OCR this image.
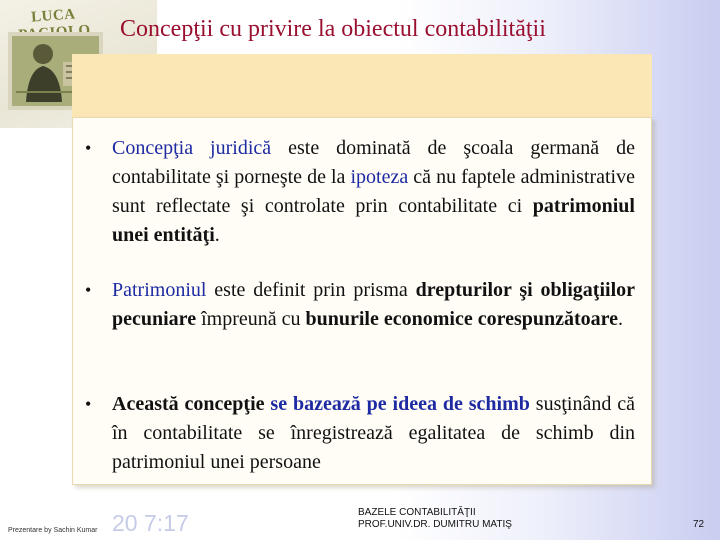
LUCA	Concepţii cu privire la obiectul contabilităţii
•	Concepţia juridică este dominată de şcoala germană de contabilitate şi porneşte de la ipoteza că nu faptele administrative sunt reflectate şi controlate prin contabilitate ci patrimoniul unei entităţi.
•	Patrimoniul este definit prin prisma drepturilor şi obligaţiilor pecuniare împreună cu bunurile economice corespunzătoare.
•	Această concepţie se bazează pe ideea de schimb susţinând că în contabilitate se înregistrează egalitatea de schimb din patrimoniul unei persoane
20 7:17
Prezentare by Sachin Kumar
BAZELE CONTABILITĂŢII
PROF.UNIV.DR. DUMITRU MATIŞ	72
